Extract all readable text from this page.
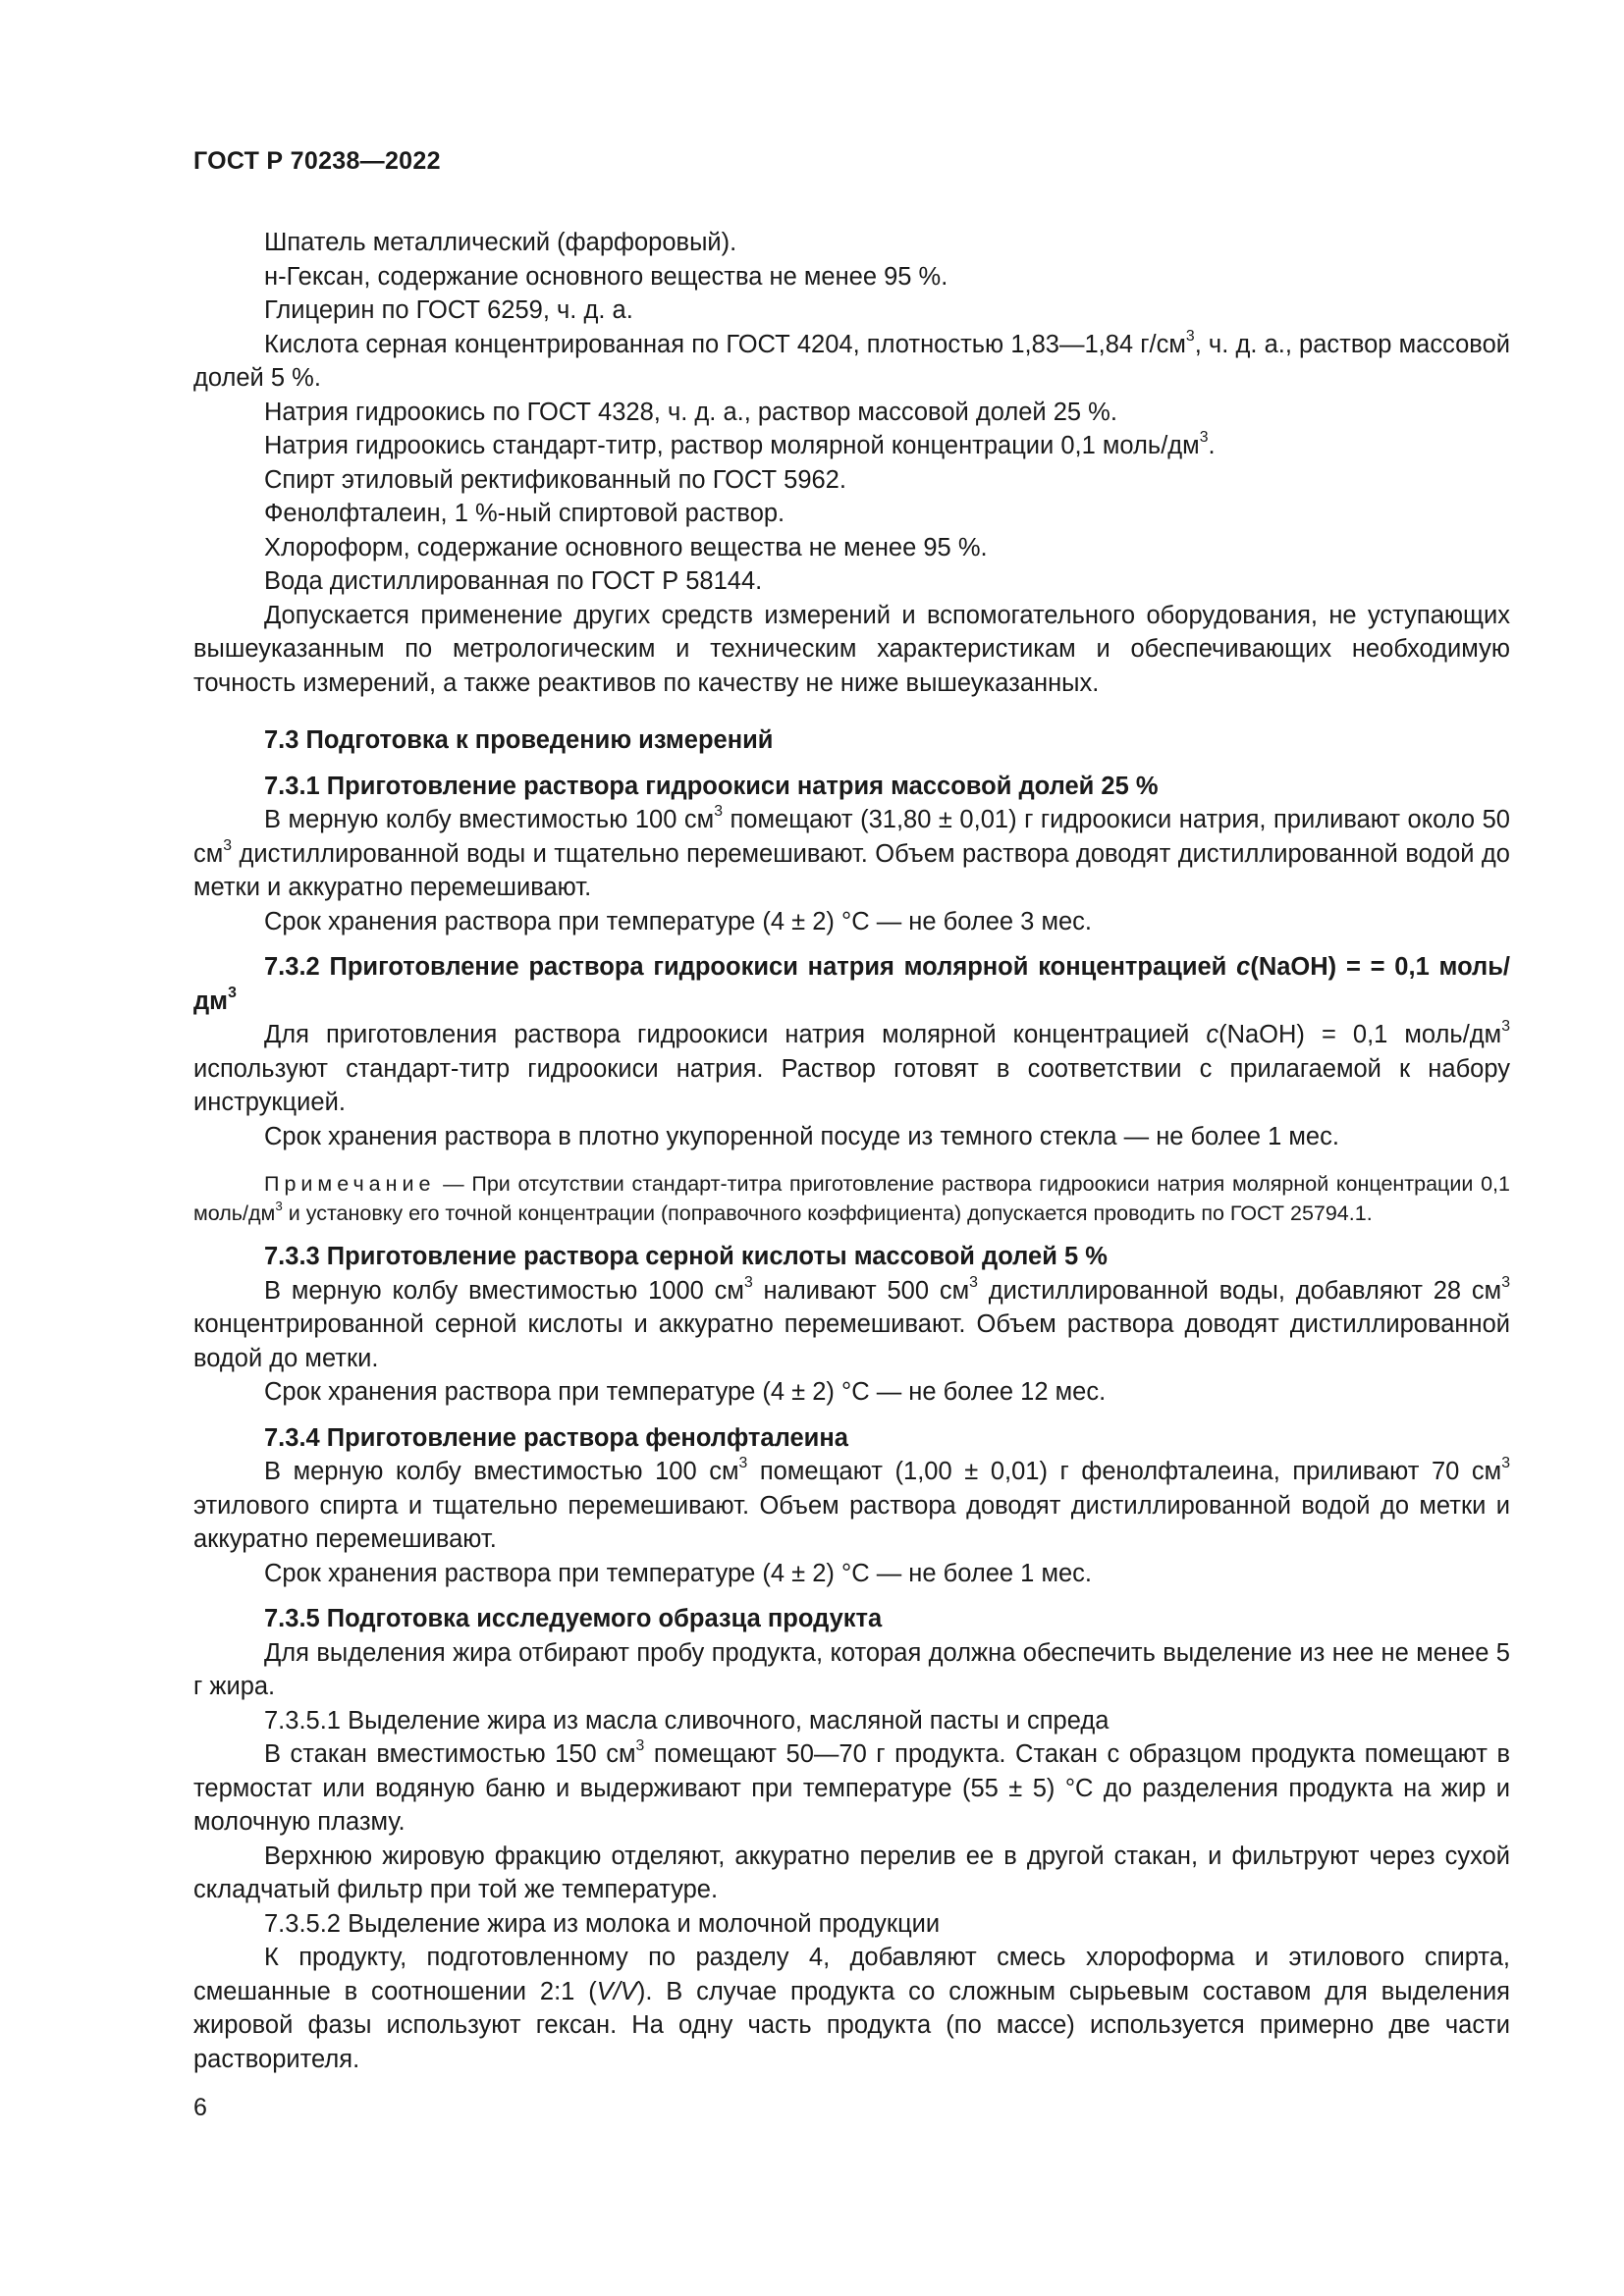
ГОСТ Р 70238—2022

Шпатель металлический (фарфоровый).

н-Гексан, содержание основного вещества не менее 95 %.

Глицерин по ГОСТ 6259, ч. д. а.

Кислота серная концентрированная по ГОСТ 4204, плотностью 1,83—1,84 $г/см^3$, ч. д. а., раствор массовой долей 5 %.

Натрия гидроокись по ГОСТ 4328, ч. д. а., раствор массовой долей 25 %.

Натрия гидроокись стандарт-титр, раствор молярной концентрации 0,1 моль/$дм^3$.

Спирт этиловый ректификованный по ГОСТ 5962.

Фенолфталеин, 1 %-ный спиртовой раствор.

Хлороформ, содержание основного вещества не менее 95 %.

Вода дистиллированная по ГОСТ Р 58144.

Допускается применение других средств измерений и вспомогательного оборудования, не уступающих вышеуказанным по метрологическим и техническим характеристикам и обеспечивающих необходимую точность измерений, а также реактивов по качеству не ниже вышеуказанных.

7.3 Подготовка к проведению измерений
7.3.1 Приготовление раствора гидроокиси натрия массовой долей 25 %

В мерную колбу вместимостью 100 $см^3$ помещают (31,80 ± 0,01) г гидроокиси натрия, приливают около 50 $см^3$ дистиллированной воды и тщательно перемешивают. Объем раствора доводят дистиллированной водой до метки и аккуратно перемешивают.

Срок хранения раствора при температуре (4 ± 2) °C — не более 3 мес.

7.3.2 Приготовление раствора гидроокиси натрия молярной концентрацией c(NaOH) = = 0,1 моль/$дм^3$

Для приготовления раствора гидроокиси натрия молярной концентрацией c(NaOH) = 0,1 моль/$дм^3$ используют стандарт-титр гидроокиси натрия. Раствор готовят в соответствии с прилагаемой к набору инструкцией.

Срок хранения раствора в плотно укупоренной посуде из темного стекла — не более 1 мес.

Примечание — При отсутствии стандарт-титра приготовление раствора гидроокиси натрия молярной концентрации 0,1 моль/$дм^3$ и установку его точной концентрации (поправочного коэффициента) допускается проводить по ГОСТ 25794.1.

7.3.3 Приготовление раствора серной кислоты массовой долей 5 %

В мерную колбу вместимостью 1000 $см^3$ наливают 500 $см^3$ дистиллированной воды, добавляют 28 $см^3$ концентрированной серной кислоты и аккуратно перемешивают. Объем раствора доводят дистиллированной водой до метки.

Срок хранения раствора при температуре (4 ± 2) °C — не более 12 мес.

7.3.4 Приготовление раствора фенолфталеина

В мерную колбу вместимостью 100 $см^3$ помещают (1,00 ± 0,01) г фенолфталеина, приливают 70 $см^3$ этилового спирта и тщательно перемешивают. Объем раствора доводят дистиллированной водой до метки и аккуратно перемешивают.

Срок хранения раствора при температуре (4 ± 2) °C — не более 1 мес.

7.3.5 Подготовка исследуемого образца продукта

Для выделения жира отбирают пробу продукта, которая должна обеспечить выделение из нее не менее 5 г жира.

7.3.5.1 Выделение жира из масла сливочного, масляной пасты и спреда

В стакан вместимостью 150 $см^3$ помещают 50—70 г продукта. Стакан с образцом продукта помещают в термостат или водяную баню и выдерживают при температуре (55 ± 5) °C до разделения продукта на жир и молочную плазму.

Верхнюю жировую фракцию отделяют, аккуратно перелив ее в другой стакан, и фильтруют через сухой складчатый фильтр при той же температуре.

7.3.5.2 Выделение жира из молока и молочной продукции

К продукту, подготовленному по разделу 4, добавляют смесь хлороформа и этилового спирта, смешанные в соотношении 2:1 (V/V). В случае продукта со сложным сырьевым составом для выделения жировой фазы используют гексан. На одну часть продукта (по массе) используется примерно две части растворителя.

6
